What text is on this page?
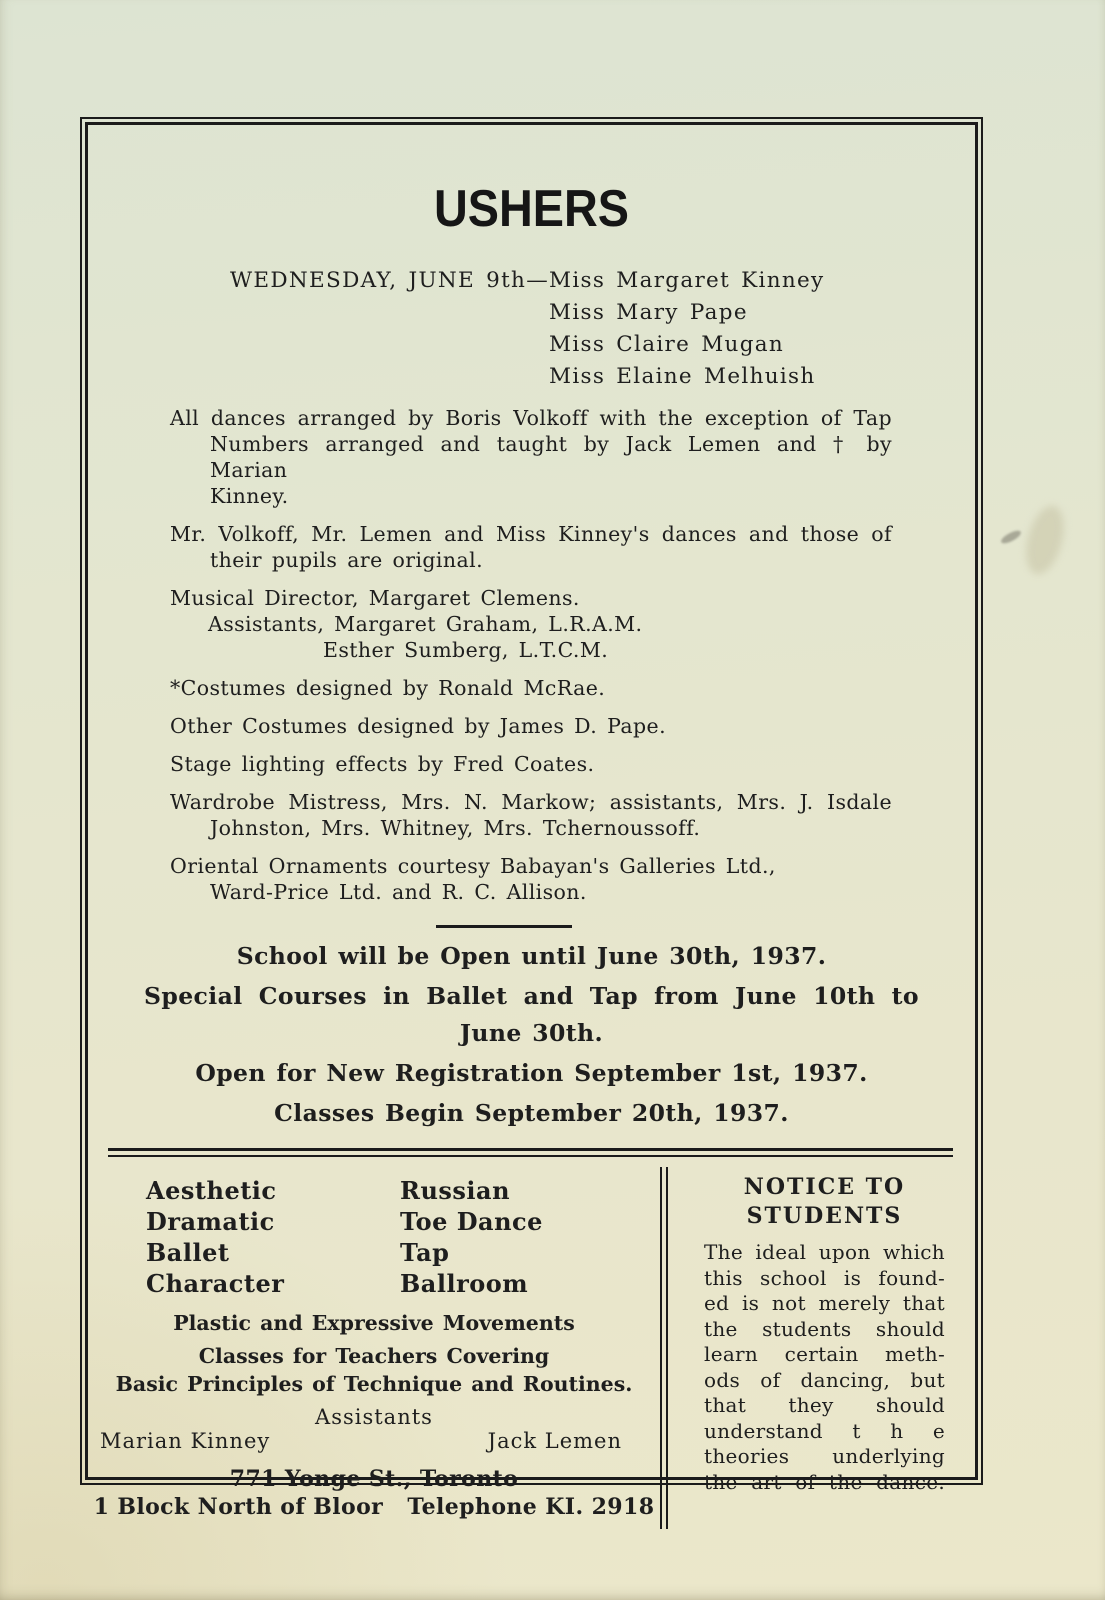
USHERS
WEDNESDAY, JUNE 9th— Miss Margaret Kinney
Miss Mary Pape
Miss Claire Mugan
Miss Elaine Melhuish
All dances arranged by Boris Volkoff with the exception of Tap
Numbers arranged and taught by Jack Lemen and † by Marian
Kinney.
Mr. Volkoff, Mr. Lemen and Miss Kinney's dances and those of
their pupils are original.
Musical Director, Margaret Clemens.
Assistants, Margaret Graham, L.R.A.M.
Esther Sumberg, L.T.C.M.
*Costumes designed by Ronald McRae.
Other Costumes designed by James D. Pape.
Stage lighting effects by Fred Coates.
Wardrobe Mistress, Mrs. N. Markow; assistants, Mrs. J. Isdale
Johnston, Mrs. Whitney, Mrs. Tchernoussoff.
Oriental Ornaments courtesy Babayan's Galleries Ltd.,
Ward-Price Ltd. and R. C. Allison.
School will be Open until June 30th, 1937.
Special Courses in Ballet and Tap from June 10th to
June 30th.
Open for New Registration September 1st, 1937.
Classes Begin September 20th, 1937.
Aesthetic
Dramatic
Ballet
Character
Russian
Toe Dance
Tap
Ballroom
Plastic and Expressive Movements
Classes for Teachers Covering
Basic Principles of Technique and Routines.
Assistants
Marian Kinney	Jack Lemen
771 Yonge St., Toronto
1 Block North of Bloor   Telephone KI. 2918
NOTICE TO
STUDENTS
The ideal upon which
this school is found-
ed is not merely that
the students should
learn certain meth-
ods of dancing, but
that they should
understand t h e
theories underlying
the art of the dance.
